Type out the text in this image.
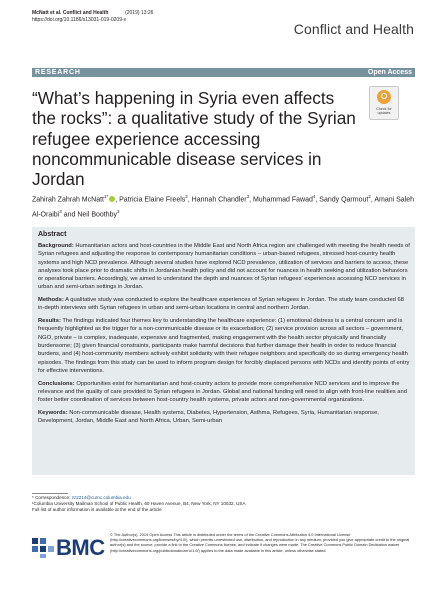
McNatt et al. Conflict and Health	(2019) 13:26
https://doi.org/10.1186/s13031-019-0209-x
Conflict and Health
RESEARCH	Open Access
“What’s happening in Syria even affects the rocks”: a qualitative study of the Syrian refugee experience accessing noncommunicable disease services in Jordan
Check for updates
Zahirah Zahrah McNatt$^{1*}$ , Patricia Elaine Freels$^2$, Hannah Chandler$^3$, Muhammad Fawad$^4$, Sandy Qarmout$^2$, Amani Saleh Al-Oraibi$^3$ and Neil Boothby$^3$
Abstract

Background: Humanitarian actors and host-countries in the Middle East and North Africa region are challenged with meeting the health needs of Syrian refugees and adjusting the response to contemporary humanitarian conditions – urban-based refugees, stressed host-country health systems and high NCD prevalence. Although several studies have explored NCD prevalence, utilization of services and barriers to access, these analyses took place prior to dramatic shifts in Jordanian health policy and did not account for nuances in health seeking and utilization behaviors or operational barriers. Accordingly, we aimed to understand the depth and nuances of Syrian refugees' experiences accessing NCD services in urban and semi-urban settings in Jordan.

Methods: A qualitative study was conducted to explore the healthcare experiences of Syrian refugees in Jordan. The study team conducted 68 in-depth interviews with Syrian refugees in urban and semi-urban locations in central and northern Jordan.

Results: The findings indicated four themes key to understanding the healthcare experience: (1) emotional distress is a central concern and is frequently highlighted as the trigger for a non-communicable disease or its exacerbation; (2) service provision across all sectors – government, NGO, private – is complex, inadequate, expensive and fragmented, making engagement with the health sector physically and financially burdensome; (3) given financial constraints, participants make harmful decisions that further damage their health in order to reduce financial burdens, and (4) host-community members actively exhibit solidarity with their refugee neighbors and specifically do so during emergency health episodes. The findings from this study can be used to inform program design for forcibly displaced persons with NCDs and identify points of entry for effective interventions.

Conclusions: Opportunities exist for humanitarian and host-country actors to provide more comprehensive NCD services and to improve the relevance and the quality of care provided to Syrian refugees in Jordan. Global and national funding will need to align with front-line realities and foster better coordination of services between host-country health systems, private actors and non-governmental organizations.

Keywords: Non-communicable disease, Health systems, Diabetes, Hypertension, Asthma, Refugees, Syria, Humanitarian response, Development, Jordan, Middle East and North Africa, Urban, Semi-urban

* Correspondence: zz2214@cumc.columbia.edu
¹Columbia University Mailman School of Public Health, 60 Haven Avenue, B4, New York, NY 10032, USA
Full list of author information is available at the end of the article
BMC
© The Author(s). 2019 Open Access This article is distributed under the terms of the Creative Commons Attribution 4.0 International License (http://creativecommons.org/licenses/by/4.0/), which permits unrestricted use, distribution, and reproduction in any medium, provided you give appropriate credit to the original author(s) and the source, provide a link to the Creative Commons license, and indicate if changes were made. The Creative Commons Public Domain Dedication waiver (http://creativecommons.org/publicdomain/zero/1.0/) applies to the data made available in this article, unless otherwise stated.
